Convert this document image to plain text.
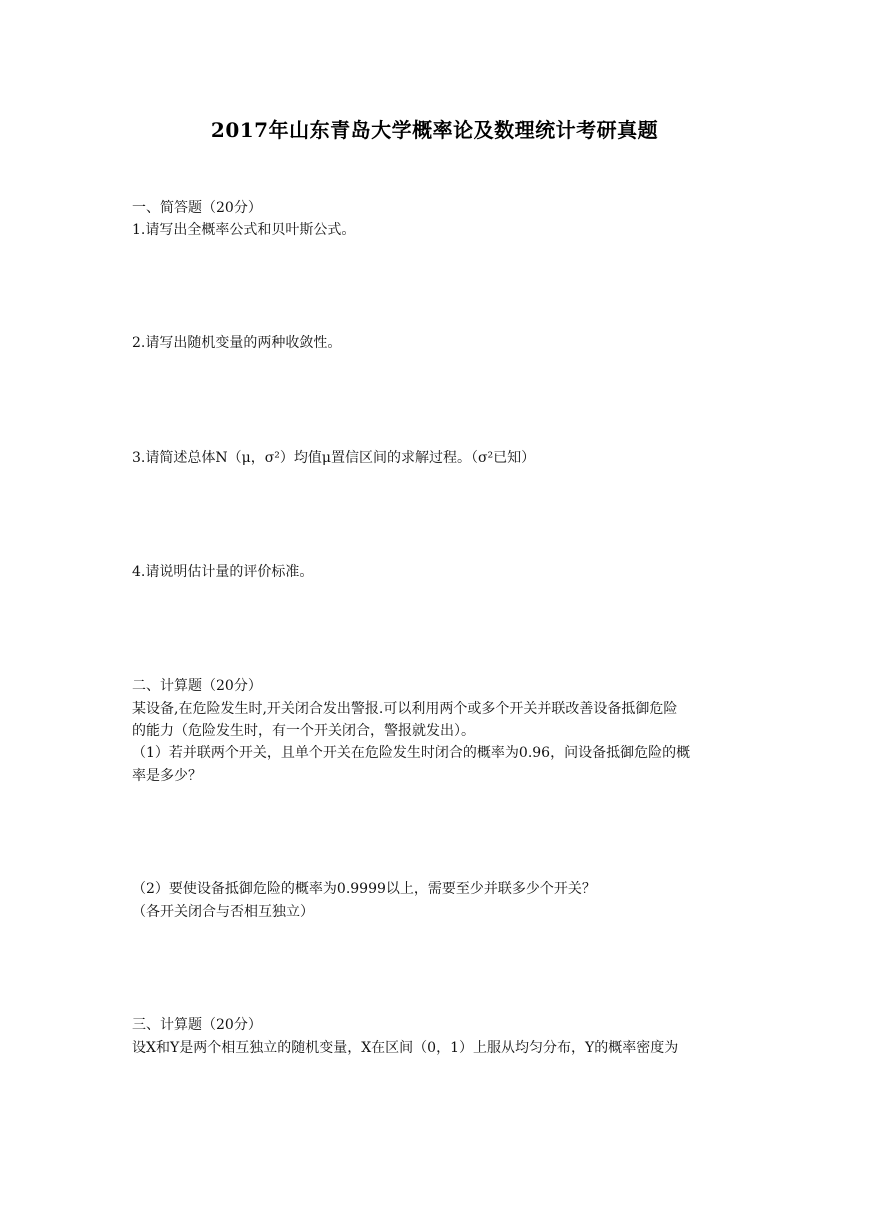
2017年山东青岛大学概率论及数理统计考研真题
一、简答题（20分）
1.请写出全概率公式和贝叶斯公式。
2.请写出随机变量的两种收敛性。
3.请简述总体N（μ，σ²）均值μ置信区间的求解过程。（σ²已知）
4.请说明估计量的评价标准。
二、计算题（20分）
某设备,在危险发生时,开关闭合发出警报.可以利用两个或多个开关并联改善设备抵御危险
的能力（危险发生时，有一个开关闭合，警报就发出）。
（1）若并联两个开关，且单个开关在危险发生时闭合的概率为0.96，问设备抵御危险的概
率是多少？
（2）要使设备抵御危险的概率为0.9999以上，需要至少并联多少个开关？
（各开关闭合与否相互独立）
三、计算题（20分）
设X和Y是两个相互独立的随机变量，X在区间（0，1）上服从均匀分布，Y的概率密度为
